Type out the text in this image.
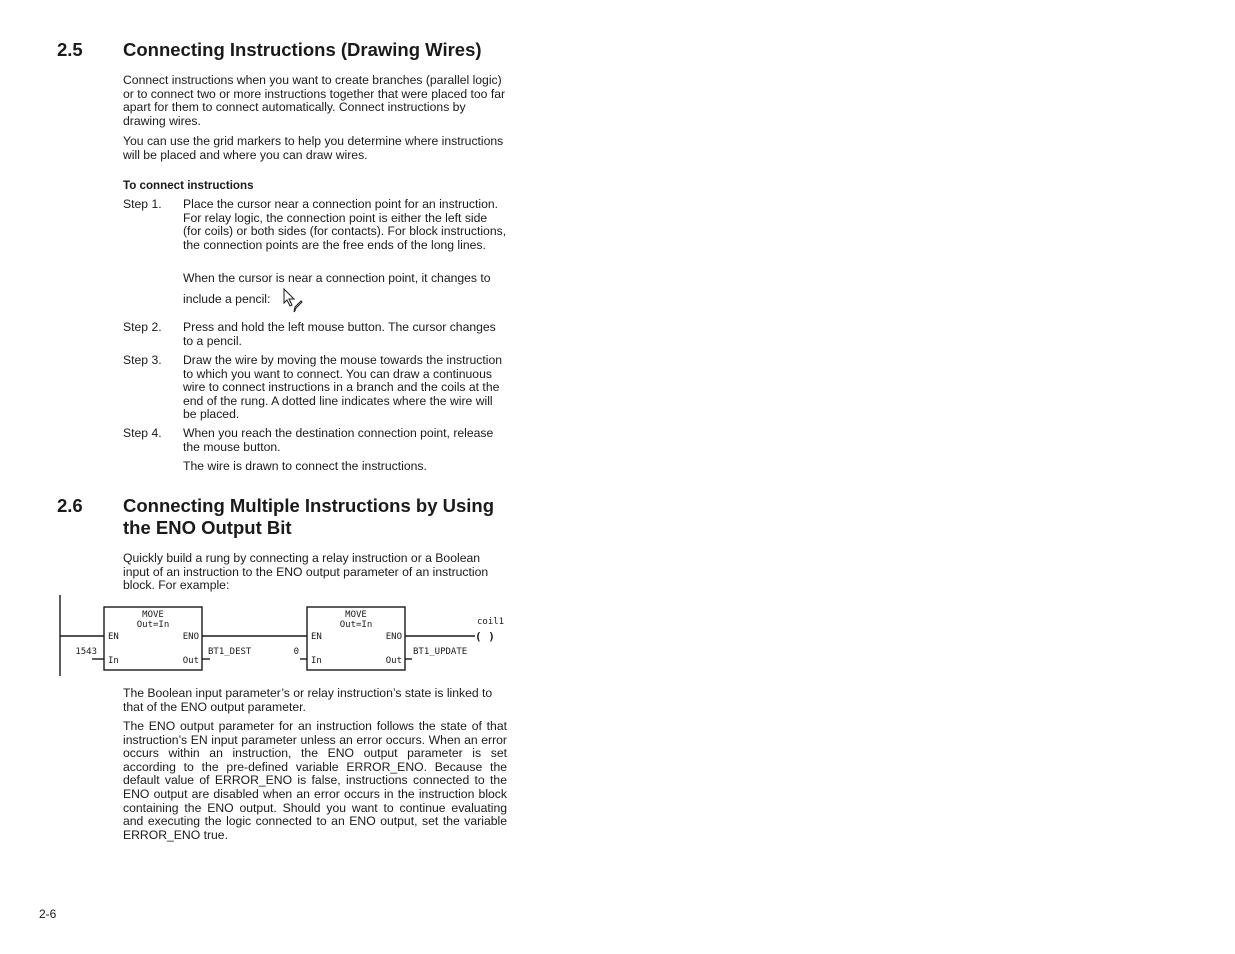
2.5 Connecting Instructions (Drawing Wires)
Connect instructions when you want to create branches (parallel logic) or to connect two or more instructions together that were placed too far apart for them to connect automatically. Connect instructions by drawing wires.
You can use the grid markers to help you determine where instructions will be placed and where you can draw wires.
To connect instructions
Step 1. Place the cursor near a connection point for an instruction. For relay logic, the connection point is either the left side (for coils) or both sides (for contacts). For block instructions, the connection points are the free ends of the long lines.
When the cursor is near a connection point, it changes to
include a pencil:
Step 2. Press and hold the left mouse button. The cursor changes to a pencil.
Step 3. Draw the wire by moving the mouse towards the instruction to which you want to connect. You can draw a continuous wire to connect instructions in a branch and the coils at the end of the rung. A dotted line indicates where the wire will be placed.
Step 4. When you reach the destination connection point, release the mouse button.
The wire is drawn to connect the instructions.
2.6 Connecting Multiple Instructions by Using the ENO Output Bit
Quickly build a rung by connecting a relay instruction or a Boolean input of an instruction to the ENO output parameter of an instruction block. For example:
MOVE
Out=In
EN	ENO
In	Out
1543	BT1_DEST
MOVE
Out=In
EN	ENO
In	Out
0	BT1_UPDATE
coil1
( )
The Boolean input parameter’s or relay instruction’s state is linked to that of the ENO output parameter.
The ENO output parameter for an instruction follows the state of that instruction’s EN input parameter unless an error occurs. When an error occurs within an instruction, the ENO output parameter is set according to the pre-defined variable ERROR_ENO. Because the default value of ERROR_ENO is false, instructions connected to the ENO output are disabled when an error occurs in the instruction block containing the ENO output. Should you want to continue evaluating and executing the logic connected to an ENO output, set the variable ERROR_ENO true.
2-6
